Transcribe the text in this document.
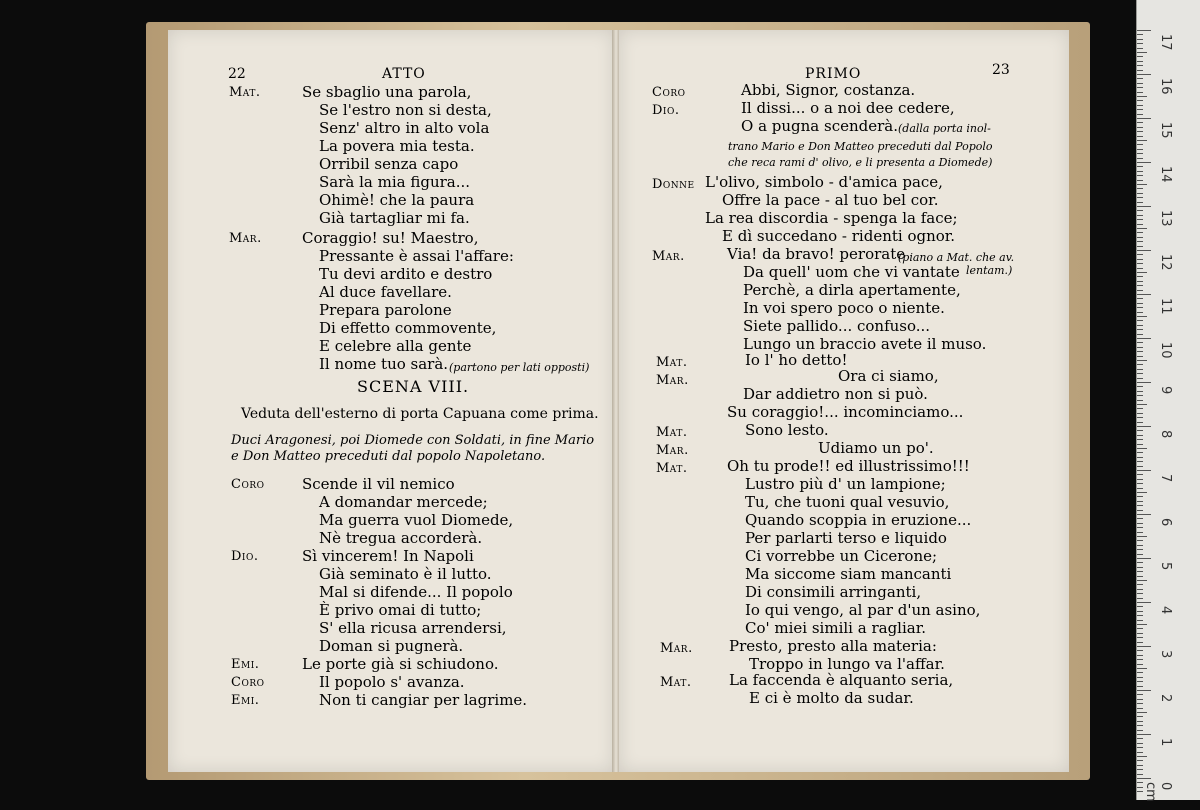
17
16
15
14
13
12
11
10
9
8
7
6
5
4
3
2
1
0 cm
22	ATTO
Mat.	Se sbaglio una parola,
Se l'estro non si desta,
Senz' altro in alto vola
La povera mia testa.
Orribil senza capo
Sarà la mia figura...
Ohimè! che la paura
Già tartagliar mi fa.
Mar.	Coraggio! su! Maestro,
Pressante è assai l'affare:
Tu devi ardito e destro
Al duce favellare.
Prepara parolone
Di effetto commovente,
E celebre alla gente
Il nome tuo sarà. (partono per lati opposti)
SCENA VIII.
Veduta dell'esterno di porta Capuana come prima.
Duci Aragonesi, poi Diomede con Soldati, in fine Mario
e Don Matteo preceduti dal popolo Napoletano.
Coro	Scende il vil nemico
A domandar mercede;
Ma guerra vuol Diomede,
Nè tregua accorderà.
Dio.	Sì vincerem! In Napoli
Già seminato è il lutto.
Mal si difende... Il popolo
È privo omai di tutto;
S' ella ricusa arrendersi,
Doman si pugnerà.
Emi.	Le porte già si schiudono.
Coro	Il popolo s' avanza.
Emi.	Non ti cangiar per lagrime.
PRIMO	23
Coro	Abbi, Signor, costanza.
Dio.	Il dissi... o a noi dee cedere,
O a pugna scenderà. (dalla porta inol-
trano Mario e Don Matteo preceduti dal Popolo
che reca rami d' olivo, e li presenta a Diomede)
Donne L'olivo, simbolo - d'amica pace,
Offre la pace - al tuo bel cor.
La rea discordia - spenga la face;
E dì succedano - ridenti ognor.
Mar.	Via! da bravo! perorate
(piano a Mat. che av.
lentam.)
Da quell' uom che vi vantate
Perchè, a dirla apertamente,
In voi spero poco o niente.
Siete pallido... confuso...
Lungo un braccio avete il muso.
Mat.	Io l' ho detto!
Mar.	Ora ci siamo,
Dar addietro non si può.
Su coraggio!... incominciamo...
Mat.	Sono lesto.
Mar.	Udiamo un po'.
Mat.	Oh tu prode!! ed illustrissimo!!!
Lustro più d' un lampione;
Tu, che tuoni qual vesuvio,
Quando scoppia in eruzione...
Per parlarti terso e liquido
Ci vorrebbe un Cicerone;
Ma siccome siam mancanti
Di consimili arringanti,
Io qui vengo, al par d'un asino,
Co' miei simili a ragliar.
Mar. Presto, presto alla materia:
Troppo in lungo va l'affar.
Mat.	La faccenda è alquanto seria,
E ci è molto da sudar.
